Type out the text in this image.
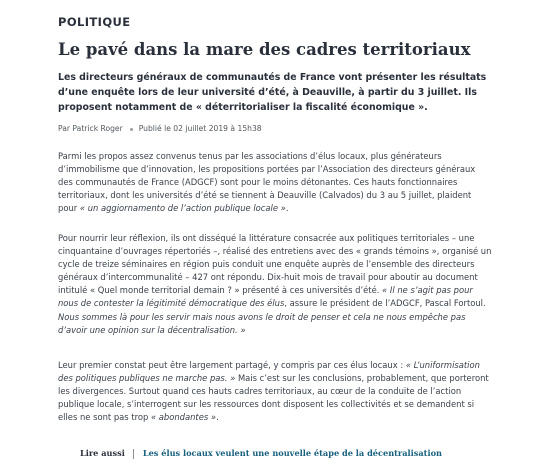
POLITIQUE
Le pavé dans la mare des cadres territoriaux

Les directeurs généraux de communautés de France vont présenter les résultats d’une enquête lors de leur université d’été, à Deauville, à partir du 3 juillet. Ils proposent notamment de « déterritorialiser la fiscalité économique ».

Par Patrick Roger Publié le 02 juillet 2019 à 15h38

Parmi les propos assez convenus tenus par les associations d’élus locaux, plus générateurs d’immobilisme que d’innovation, les propositions portées par l’Association des directeurs généraux des communautés de France (ADGCF) sont pour le moins détonantes. Ces hauts fonctionnaires territoriaux, dont les universités d’été se tiennent à Deauville (Calvados) du 3 au 5 juillet, plaident pour « un aggiornamento de l’action publique locale ».

Pour nourrir leur réflexion, ils ont disséqué la littérature consacrée aux politiques territoriales – une cinquantaine d’ouvrages répertoriés –, réalisé des entretiens avec des « grands témoins », organisé un cycle de treize séminaires en région puis conduit une enquête auprès de l’ensemble des directeurs généraux d’intercommunalité – 427 ont répondu. Dix-huit mois de travail pour aboutir au document intitulé « Quel monde territorial demain ? » présenté à ces universités d’été. « Il ne s’agit pas pour nous de contester la légitimité démocratique des élus, assure le président de l’ADGCF, Pascal Fortoul. Nous sommes là pour les servir mais nous avons le droit de penser et cela ne nous empêche pas d’avoir une opinion sur la décentralisation. »

Leur premier constat peut être largement partagé, y compris par ces élus locaux : « L’uniformisation des politiques publiques ne marche pas. » Mais c’est sur les conclusions, probablement, que porteront les divergences. Surtout quand ces hauts cadres territoriaux, au cœur de la conduite de l’action publique locale, s’interrogent sur les ressources dont disposent les collectivités et se demandent si elles ne sont pas trop « abondantes ».

Lire aussi Les élus locaux veulent une nouvelle étape de la décentralisation
